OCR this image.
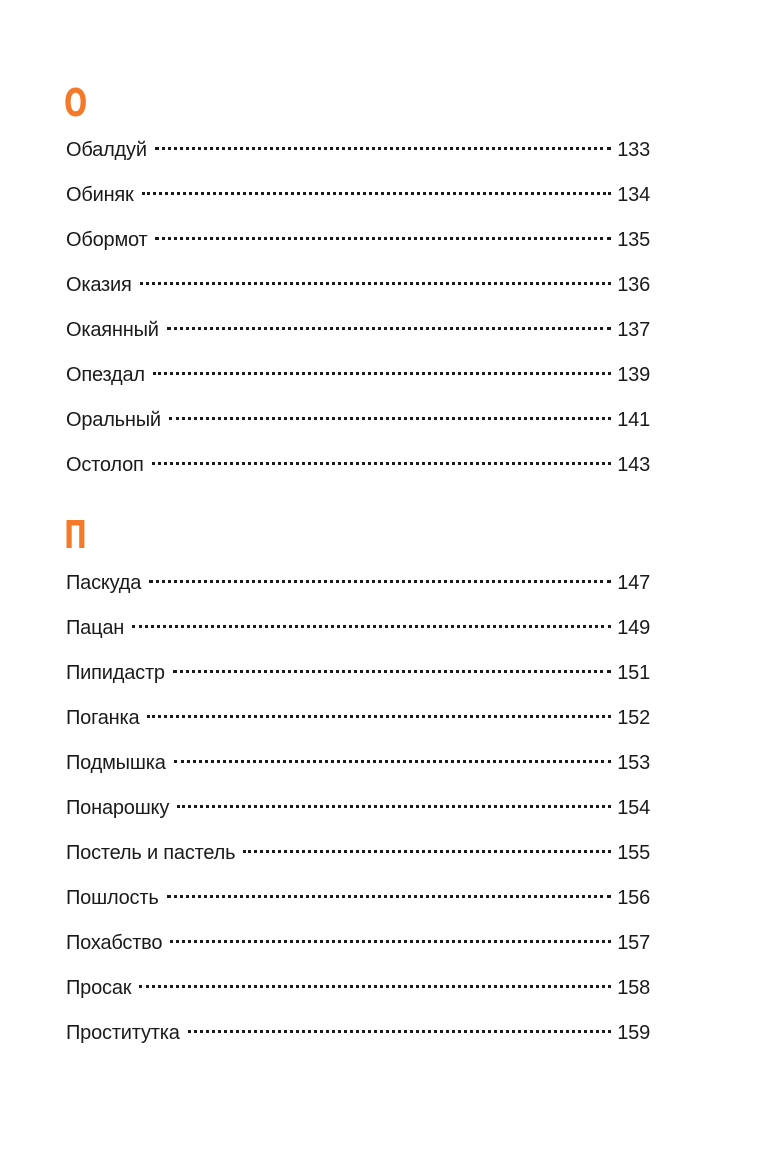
О
Обалдуй	133
Обиняк	134
Обормот	135
Оказия	136
Окаянный	137
Опездал	139
Оральный	141
Остолоп	143
П
Паскуда	147
Пацан	149
Пипидастр	151
Поганка	152
Подмышка	153
Понарошку	154
Постель и пастель	155
Пошлость	156
Похабство	157
Просак	158
Проститутка	159
